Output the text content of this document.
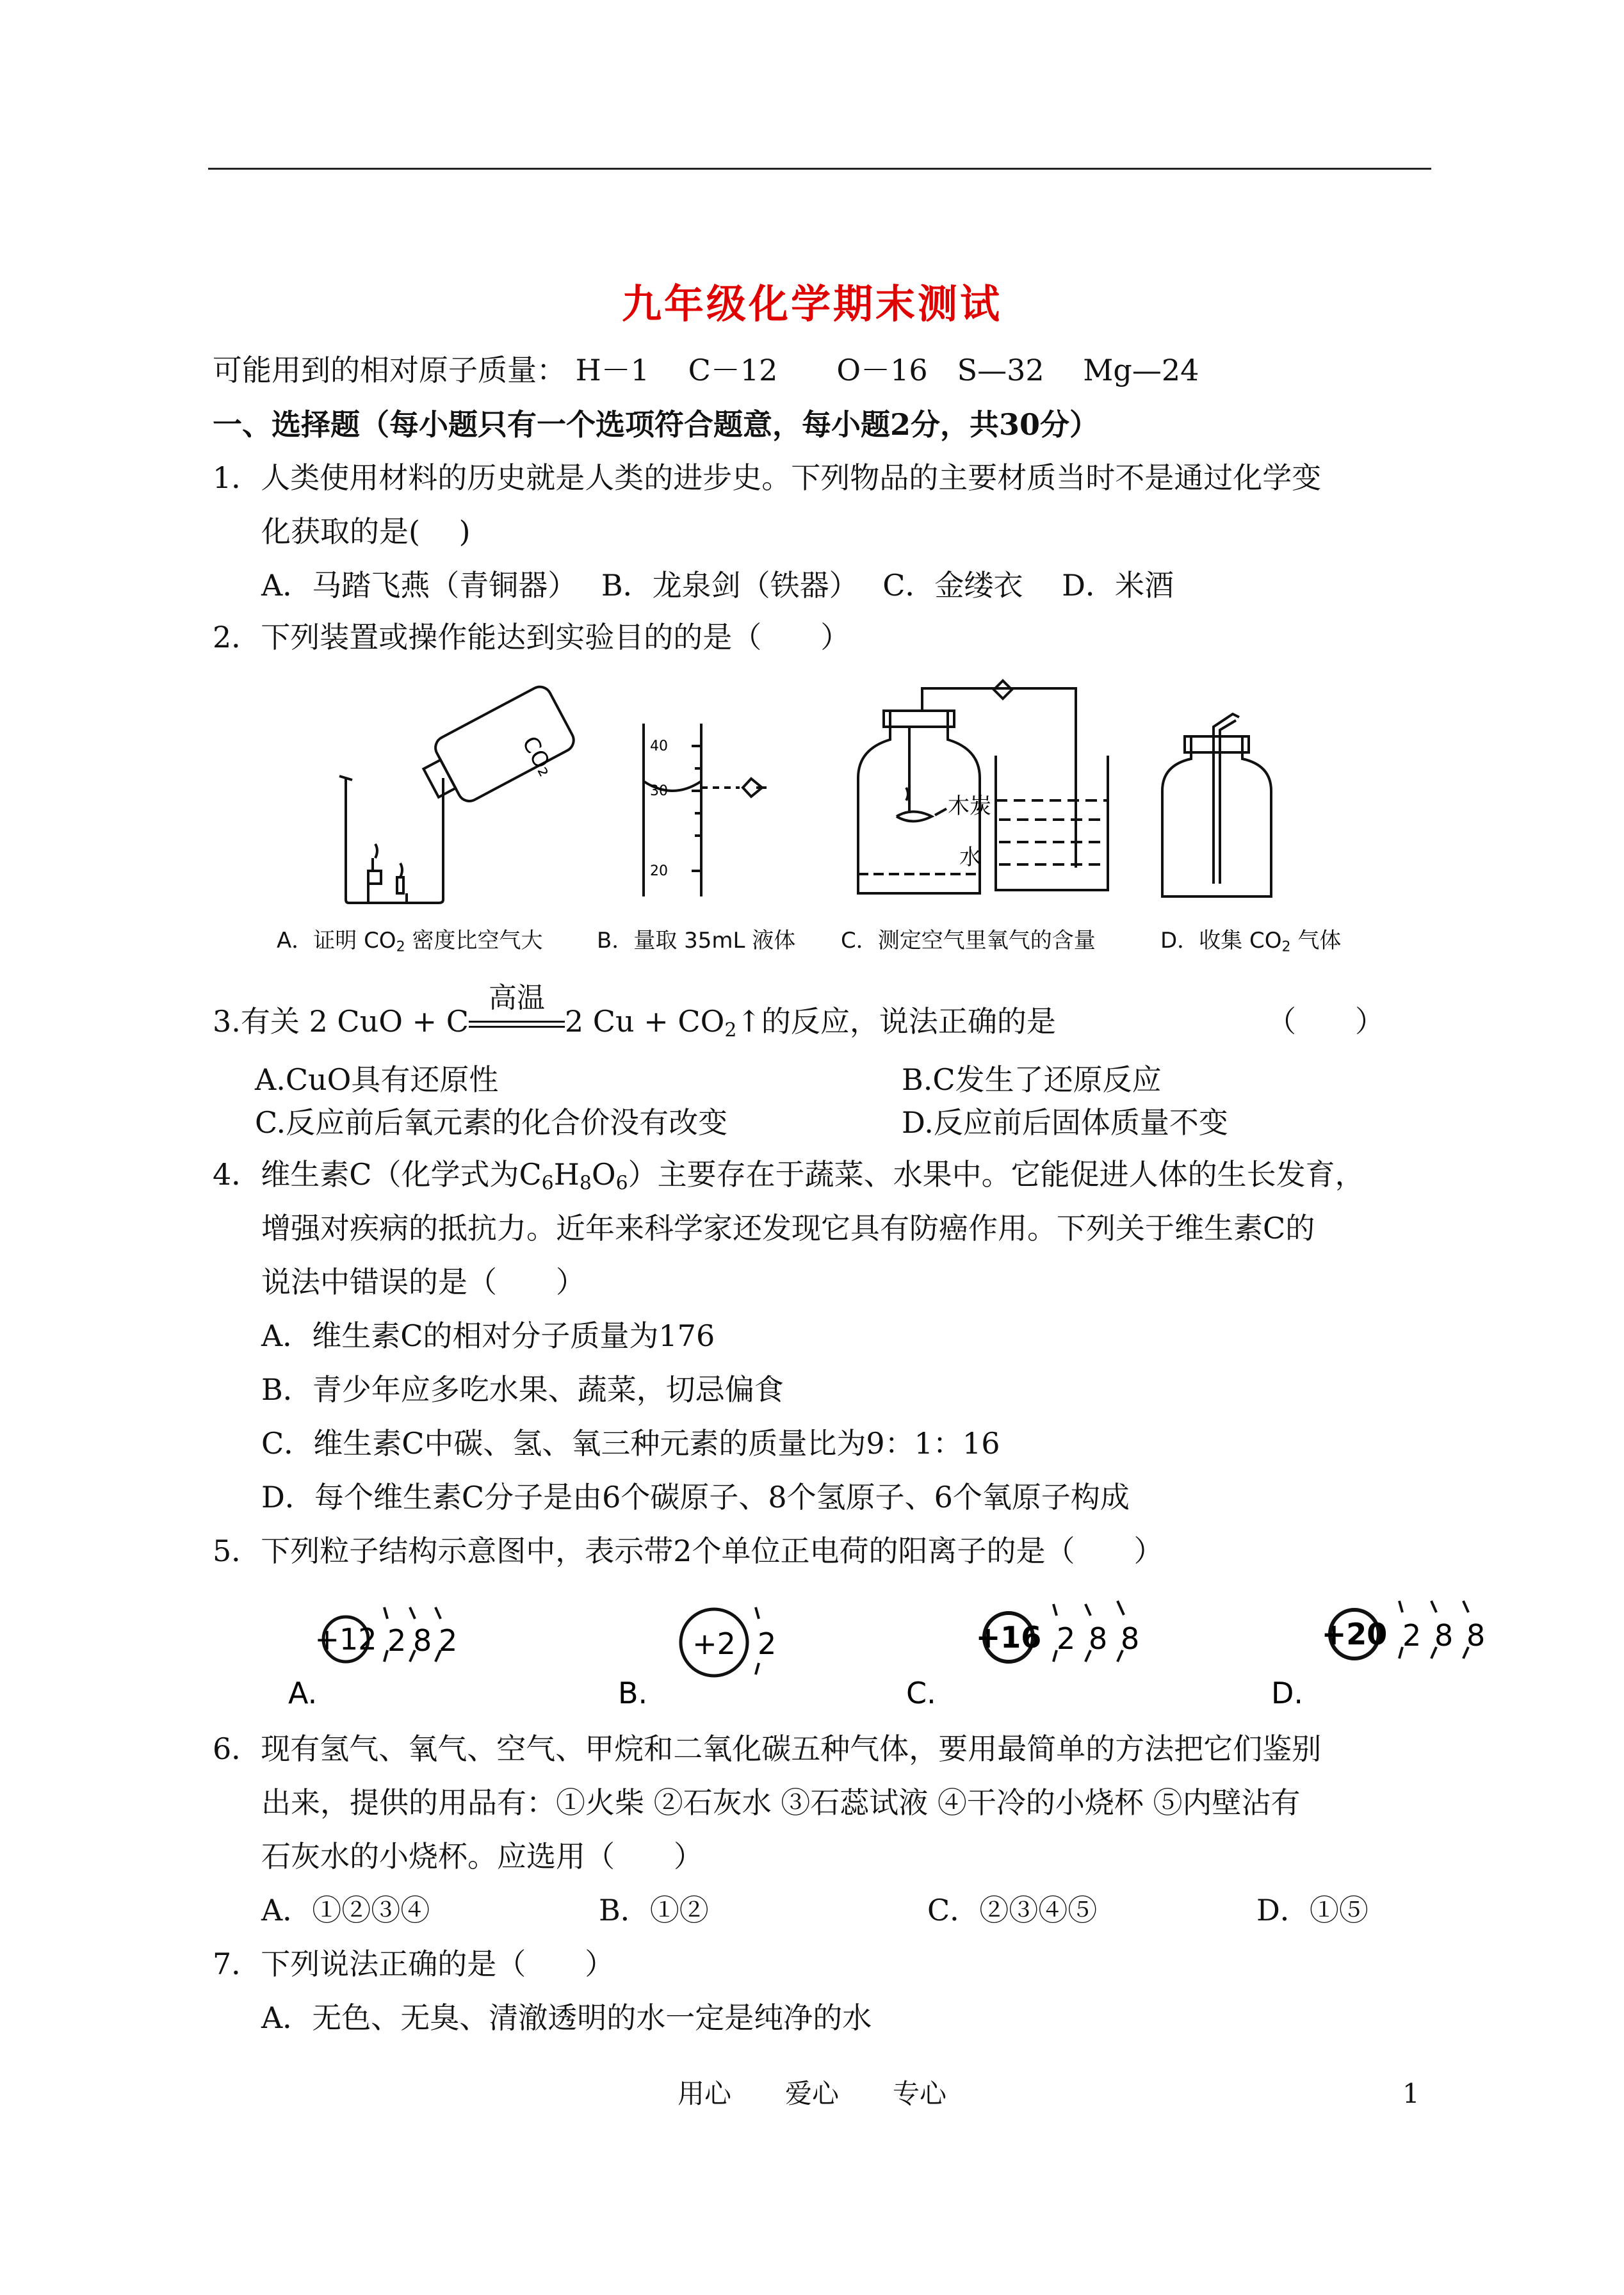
九年级化学期末测试
可能用到的相对原子质量： H－1　 C－12　　O－16　S—32　 Mg—24
一、选择题（每小题只有一个选项符合题意，每小题2分，共30分）
1．人类使用材料的历史就是人类的进步史。下列物品的主要材质当时不是通过化学变
化获取的是(　 )
A．马踏飞燕（青铜器）　 B．龙泉剑（铁器）　 C．金缕衣　 D．米酒
2．下列装置或操作能达到实验目的的是（　　）
CO₂	40
30
20
木炭
水
A．证明 $CO_2$ 密度比空气大 B．量取 35mL 液体 C．测定空气里氧气的含量	D．收集 $CO_2$ 气体
3.有关 2 CuO + C
高温
2 $Cu + CO_2↑$的反应，说法正确的是	（　　）
A.CuO具有还原性	B.C发生了还原反应
C.反应前后氧元素的化合价没有改变	D.反应前后固体质量不变
4．维生素C（化学式为$C_6H_8O_6$）主要存在于蔬菜、水果中。它能促进人体的生长发育，
增强对疾病的抵抗力。近年来科学家还发现它具有防癌作用。下列关于维生素C的
说法中错误的是（　　）
A．维生素C的相对分子质量为176
B．青少年应多吃水果、蔬菜，切忌偏食
C．维生素C中碳、氢、氧三种元素的质量比为9：1：16
D．每个维生素C分子是由6个碳原子、8个氢原子、6个氧原子构成
5．下列粒子结构示意图中，表示带2个单位正电荷的阳离子的是（　　）
+12 2 8 2
A.
+2 2
B.
+16 2 8 8
C.
+20 2 8 8
D.
6．现有氢气、氧气、空气、甲烷和二氧化碳五种气体，要用最简单的方法把它们鉴别
出来，提供的用品有：①火柴 ②石灰水 ③石蕊试液 ④干冷的小烧杯 ⑤内壁沾有
石灰水的小烧杯。应选用（　　）
A．①②③④	B．①②	C．②③④⑤	D．①⑤
7．下列说法正确的是（　　）
A．无色、无臭、清澈透明的水一定是纯净的水
用心　　爱心　　专心	1
